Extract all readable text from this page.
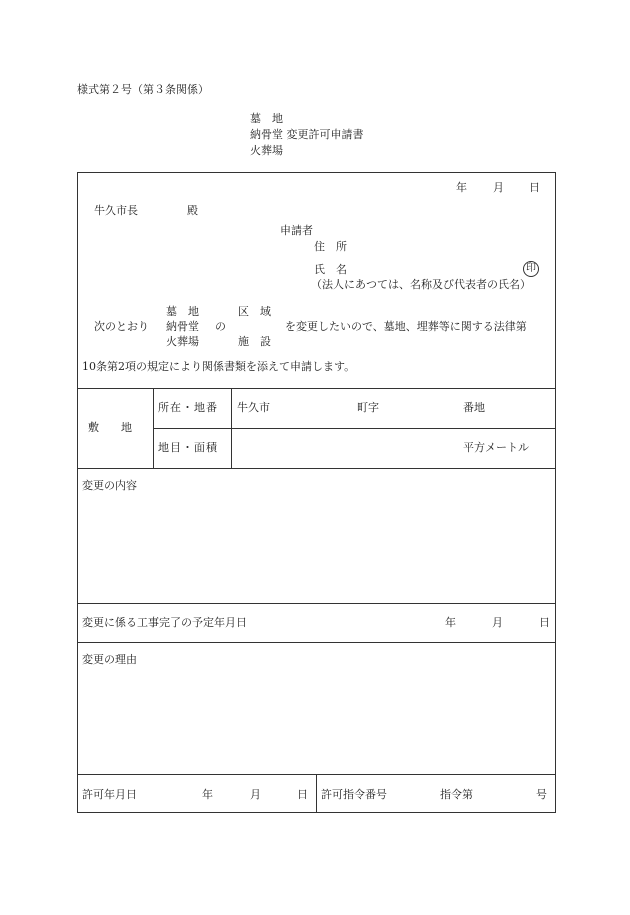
様式第２号（第３条関係）
墓　地
納骨堂 変更許可申請書
火葬場
年 月 日
牛久市長	殿
申請者
住　所
氏　名	印
（法人にあつては、名称及び代表者の氏名）
墓　地
納骨堂
火葬場
次のとおり	の
区　域
施　設
を変更したいので、墓地、埋葬等に関する法律第
10条第2項の規定により関係書類を添えて申請します。
敷　　地
所在・地番 牛久市	町字	番地
地目・面積	平方メートル
変更の内容
変更に係る工事完了の予定年月日	年	月	日
変更の理由
許可年月日	年	月	日 許可指令番号	指令第	号
